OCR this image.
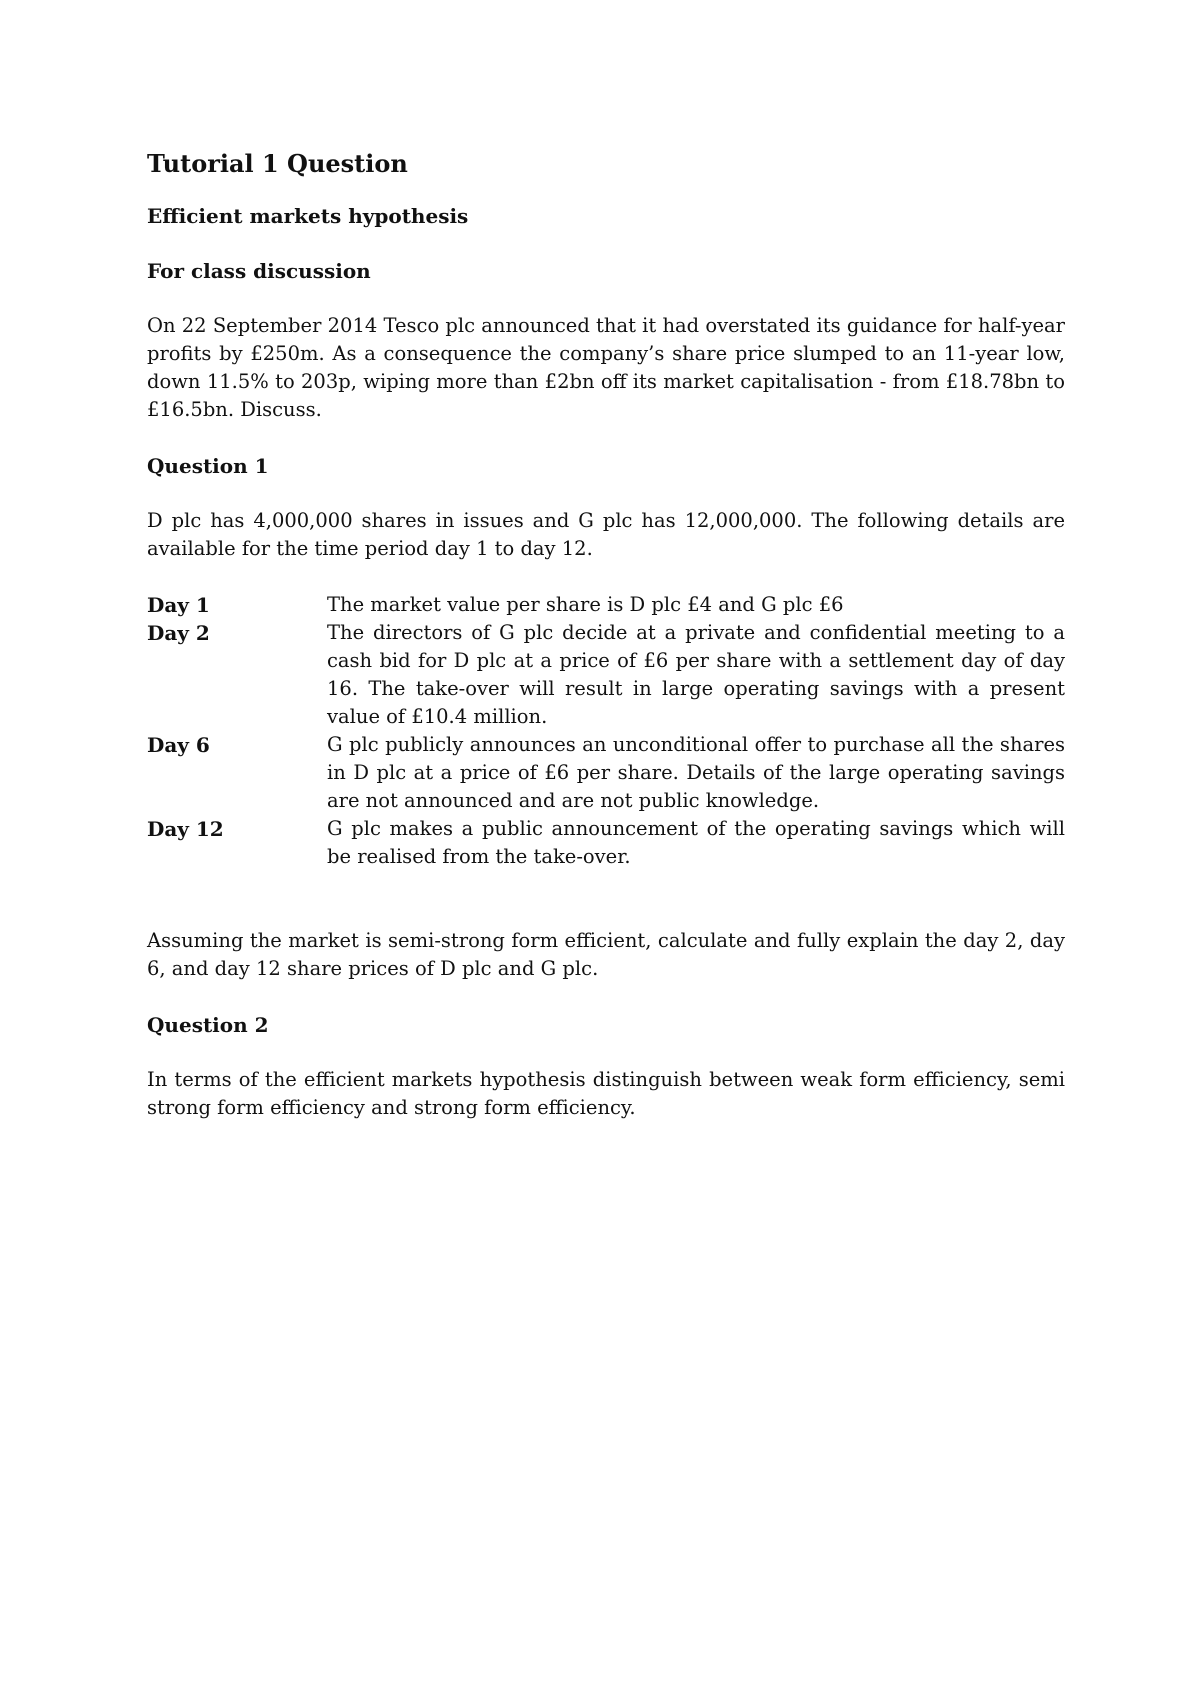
Tutorial 1 Question
Efficient markets hypothesis
For class discussion

On 22 September 2014 Tesco plc announced that it had overstated its guidance for half-year profits by £250m. As a consequence the company’s share price slumped to an 11-year low, down 11.5% to 203p, wiping more than £2bn off its market capitalisation - from £18.78bn to £16.5bn. Discuss.

Question 1

D plc has 4,000,000 shares in issues and G plc has 12,000,000. The following details are available for the time period day 1 to day 12.

Day 1	The market value per share is D plc £4 and G plc £6
Day 2	The directors of G plc decide at a private and confidential meeting to a cash bid for D plc at a price of £6 per share with a settlement day of day 16. The take-over will result in large operating savings with a present value of £10.4 million.
Day 6	G plc publicly announces an unconditional offer to purchase all the shares in D plc at a price of £6 per share. Details of the large operating savings are not announced and are not public knowledge.
Day 12	G plc makes a public announcement of the operating savings which will be realised from the take-over.

Assuming the market is semi-strong form efficient, calculate and fully explain the day 2, day 6, and day 12 share prices of D plc and G plc.

Question 2

In terms of the efficient markets hypothesis distinguish between weak form efficiency, semi strong form efficiency and strong form efficiency.
